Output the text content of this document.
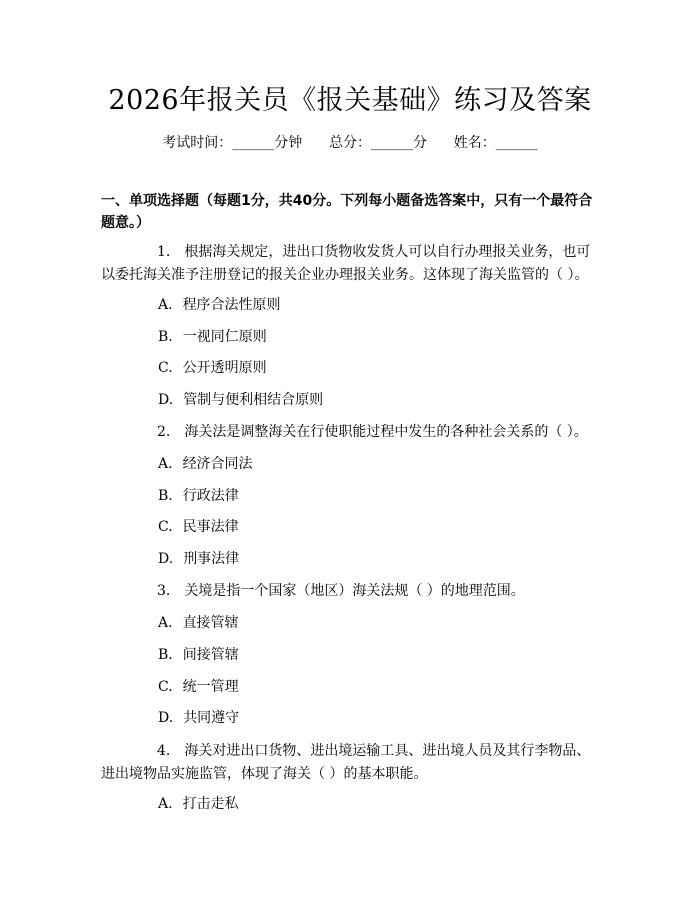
2026年报关员《报关基础》练习及答案
考试时间：______分钟      总分：______分      姓名：______
一、单项选择题（每题1分，共40分。下列每小题备选答案中，只有一个最符合题意。）
1. 根据海关规定，进出口货物收发货人可以自行办理报关业务，也可以委托海关准予注册登记的报关企业办理报关业务。这体现了海关监管的（ ）。
A. 程序合法性原则
B. 一视同仁原则
C. 公开透明原则
D. 管制与便利相结合原则
2. 海关法是调整海关在行使职能过程中发生的各种社会关系的（ ）。
A. 经济合同法
B. 行政法律
C. 民事法律
D. 刑事法律
3. 关境是指一个国家（地区）海关法规（ ）的地理范围。
A. 直接管辖
B. 间接管辖
C. 统一管理
D. 共同遵守
4. 海关对进出口货物、进出境运输工具、进出境人员及其行李物品、进出境物品实施监管，体现了海关（ ）的基本职能。
A. 打击走私
